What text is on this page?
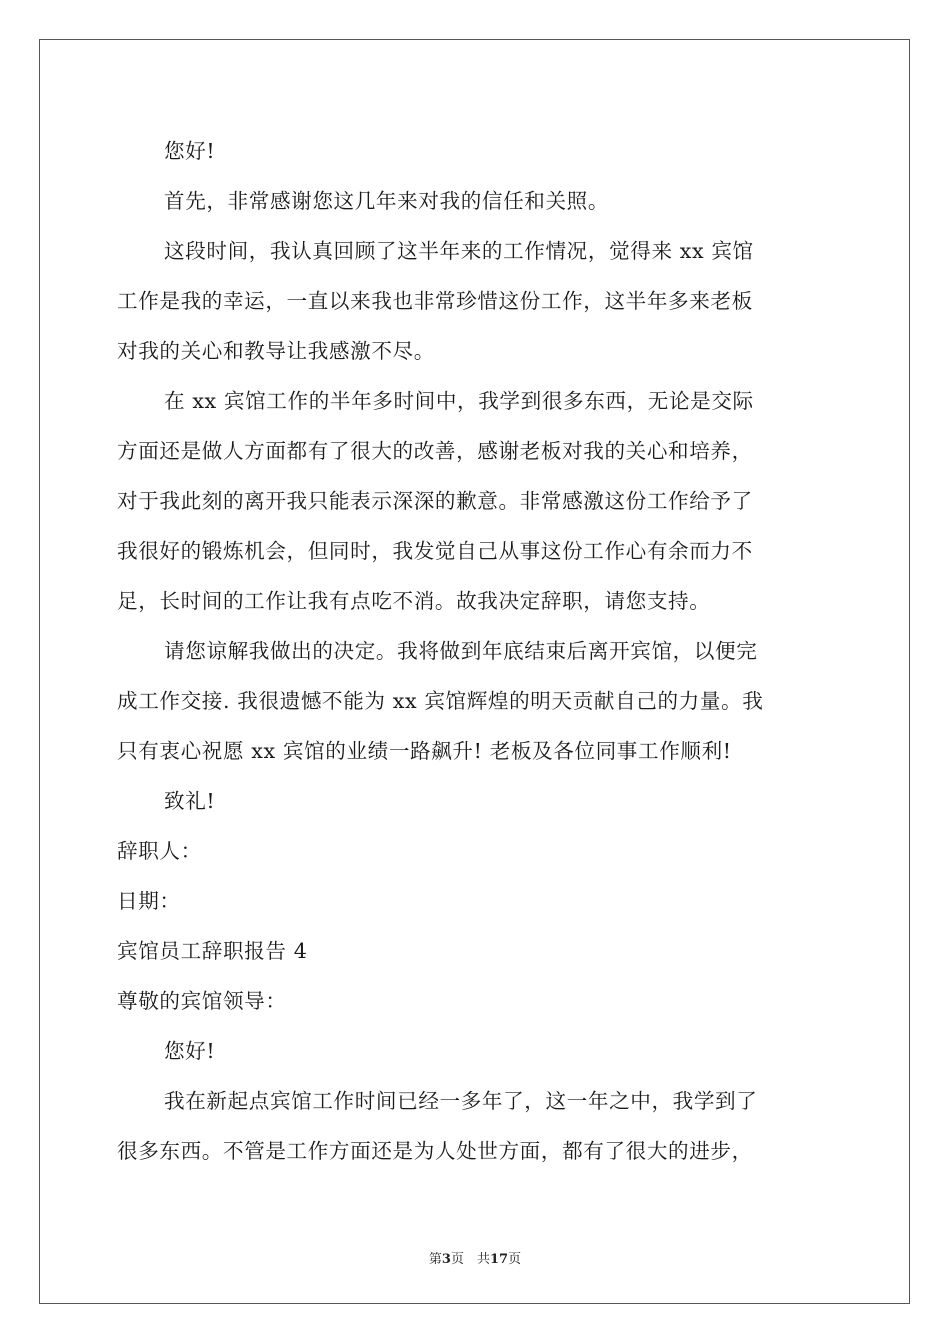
您好!

首先，非常感谢您这几年来对我的信任和关照。

这段时间，我认真回顾了这半年来的工作情况，觉得来 xx 宾馆
工作是我的幸运，一直以来我也非常珍惜这份工作，这半年多来老板
对我的关心和教导让我感激不尽。

在 xx 宾馆工作的半年多时间中，我学到很多东西，无论是交际
方面还是做人方面都有了很大的改善，感谢老板对我的关心和培养，
对于我此刻的离开我只能表示深深的歉意。非常感激这份工作给予了
我很好的锻炼机会，但同时，我发觉自己从事这份工作心有余而力不
足，长时间的工作让我有点吃不消。故我决定辞职，请您支持。

请您谅解我做出的决定。我将做到年底结束后离开宾馆，以便完
成工作交接. 我很遗憾不能为 xx 宾馆辉煌的明天贡献自己的力量。我
只有衷心祝愿 xx 宾馆的业绩一路飙升! 老板及各位同事工作顺利!

致礼!

辞职人：

日期：

宾馆员工辞职报告 4

尊敬的宾馆领导：

您好!

我在新起点宾馆工作时间已经一多年了，这一年之中，我学到了
很多东西。不管是工作方面还是为人处世方面，都有了很大的进步，

第3页　共17页
